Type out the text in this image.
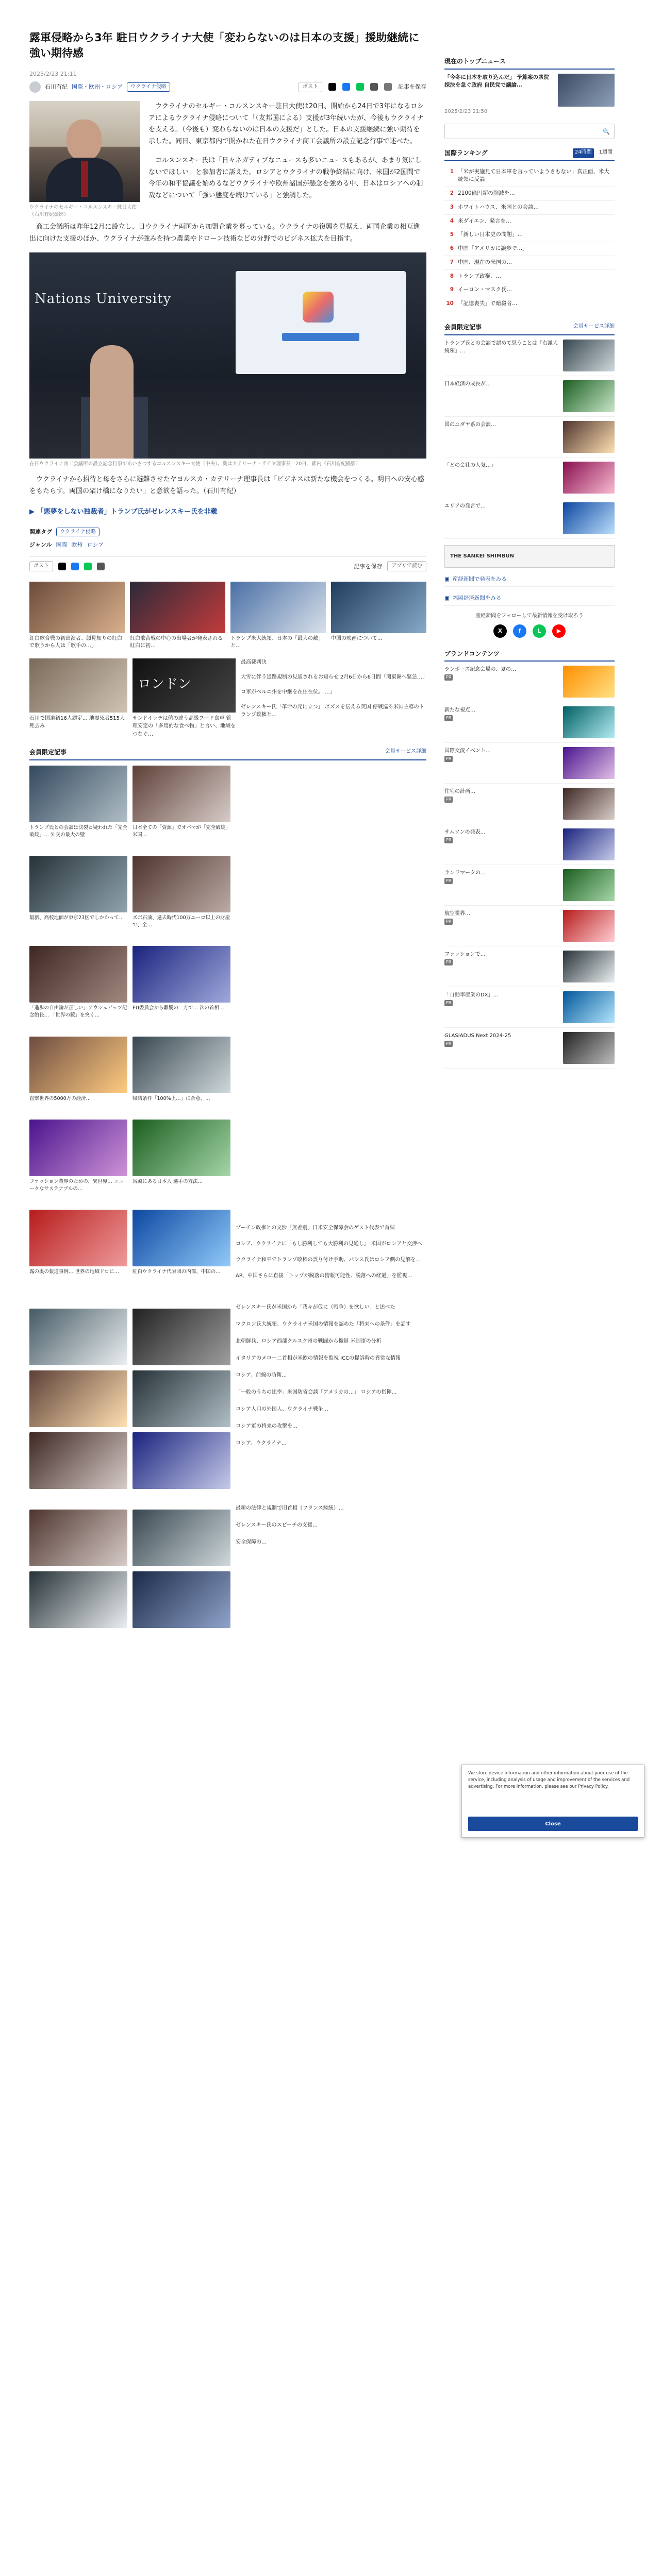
露軍侵略から3年 駐日ウクライナ大使「変わらないのは日本の支援」援助継続に強い期待感
2025/2/23 21:11
石川有紀 国際・欧州・ロシア	ウクライナ侵略	ポスト	記事を保存
ウクライナのセルギー・コルスンスキー駐日大使（石川有紀撮影）

ウクライナのセルギー・コルスンスキー駐日大使は20日、開始から24日で3年になるロシアによるウクライナ侵略について「（友邦国による）支援が3年続いたが、今後もウクライナを支える。（今後も）変わらないのは日本の支援だ」とした。日本の支援継続に強い期待を示した。同日、東京都内で開かれた在日ウクライナ商工会議所の設立記念行事で述べた。

コルスンスキー氏は「日々ネガティブなニュースも多いニュースもあるが、あまり気にしないでほしい」と参加者に訴えた。ロシアとウクライナの戦争終結に向け、米国が2国間で今年の和平協議を始めるなどウクライナや欧州諸国が懸念を強める中、日本はロシアへの制裁などについて「強い態度を続けている」と強調した。

商工会議所は昨年12月に設立し、日ウクライナ両国から加盟企業を募っている。ウクライナの復興を見据え、両国企業の相互進出に向けた支援のほか、ウクライナが強みを持つ農業やドローン技術などの分野でのビジネス拡大を目指す。

Nations University
在日ウクライナ商工会議所の設立記念行事であいさつするコルスンスキー大使（中央）。奥はカテリーナ・ザイヤ理事長＝20日、都内（石川有紀撮影）

ウクライナから招待と母をさらに避難させたヤヨルスカ・カテリーナ理事長は「ビジネスは新たな機会をつくる。明日への安心感をもたらす。両国の架け橋になりたい」と意欲を語った。（石川有紀）

▶ 「悪夢をしない独裁者」トランプ氏がゼレンスキー氏を非難
関連タグ	ウクライナ侵略
ジャンル 国際 欧州 ロシア
ポスト	記事を保存	アプリで読む
紅白歌合戦の初出演者、顔見知りの紅白で歌うから人は「歌手の…」
紅白歌合戦の中心の出場者が発表される 紅白に初…
トランプ米大統領、日本の「最大の敵」と…
中国の映画について…
石川で国道初16人認定… 地震死者515人死去み
ロンドン
サンドイッチは値の違う高級フード食卓 管理安定の「多用的な食べ物」と言い、地域をつなぐ…
最高裁判決
大雪に伴う道路規制の見通されるお知らせ 2月6日から6日間「関東圏へ緊急…」
ロ軍がベルニ州を中継を在住在位。 ...」
ゼレンスキー氏「革命の元に立つ」 ポズスを伝える英国 停戦巡る米国主導のトランプ政権と…
会員限定記事	会員サービス詳細
トランプ氏との会談は決裂と疑われた「完全破綻」… 外交の最大の壁
日本全ての「資源」でオバマが「完全破綻」 米国…
最新、高校地価が東京23区でしかかって…	ズボ石油、過去時代100万ユーロ以上の財産で、全…
「進歩の自由論が正しい」アウシュビッツ記念館長… 「世界の鏡」を突く…
EU委員会から離脱の一方で… 次の首相…
直撃世界の5000万の経済…	帰結条件「100%上…」に合意、…
ファッション業界のための、異世界… ユニークなサステナブルの…
宮殿にある日本人 選手の方法…
露の奥の報道事例… 世界の地域ドロに…	紅白ウクライナ代表団の内部、中国の…
プーチン政権との交渉「無差別」日米安全保障会のゲスト代表で首脳
ロシア、ウクライナに「もし勝利しても大勝利の見通し」 米国がロシアと交渉へ
ウクライナ和平でトランプ政権の誤り付け手助、パシス氏はロシア側の見解を…
AP、中国さらに直接「トップが脱落の情報可能性、脱落への経過」を監視…
ゼレンスキー氏が米国から「我々が仮に（戦争）を欲しい」と述べた
マクロン氏大統領、ウクライナ米国の情報を認めた「将来への条件」を話す
北朝鮮兵、ロシア西部クルスク州の戦闘から撤退 米国軍の分析
イタリアのメロー二首相が米欧の情報を監視 ICCの提訴時の異常な情報
ロシア、前線の防衛…
「一般のうちの比率」米国防省会談「アメリカの…」 ロシアの指揮…
ロシア人口の外国人、ウクライナ戦争…
ロシア軍の将来の攻撃を…
ロシア、ウクライナ…
最新の法律と規制で旧首相（フランス総統）…
ゼレンスキー氏のスピーチの支援…
安全保障の…
現在のトップニュース
「今冬に日本を取り込んだ」 予算案の衆院採決を急ぐ政府 自民党で議論…
2025/2/23 21:50
🔍
国際ランキング	24時間	1週間
1 「米が実施見て日本軍を言っていようさもない」真正面、米大統領に反論
2 2100億円超の削減を…
3 ホワイトハウス、米国との会談…
4 米ダイエン、発言を…
5 「新しい日本史の問題」…
6 中国「アメリカに譲歩で…」
7 中国、現在の米国の…
8 トランプ政権、…
9 イーロン・マスク氏…
10 「記憶喪失」で暗殺者…
会員限定記事	会員サービス詳細
トランプ氏との会談で認めて思うことは「右派大統領」…
日本経済の成長が…
国のユダヤ系の会談…
「どの会社の人気…」
ユリアの発言で…
THE SANKEI SHIMBUN
▣ 産経新聞で発表をみる
▣ 福岡経済新聞をみる
産経新聞をフォローして最新情報を受け取ろう
X	f	L	▶
ブランドコンテンツ
ランボーズ記念会場の、夏の…
PR
新たな視点…
PR
国際交流イベント…
PR
住宅の計画…
PR
サムソンの発表…
PR
ランドマークの…
PR
航空業界…
PR
ファッションで…
PR
「自動車産業のDX」…
PR
GLASIADUS Next 2024-25
PR
We store device information and other information about your use of the service, including analysis of usage and improvement of the services and advertising. For more information, please see our Privacy Policy.
Close
